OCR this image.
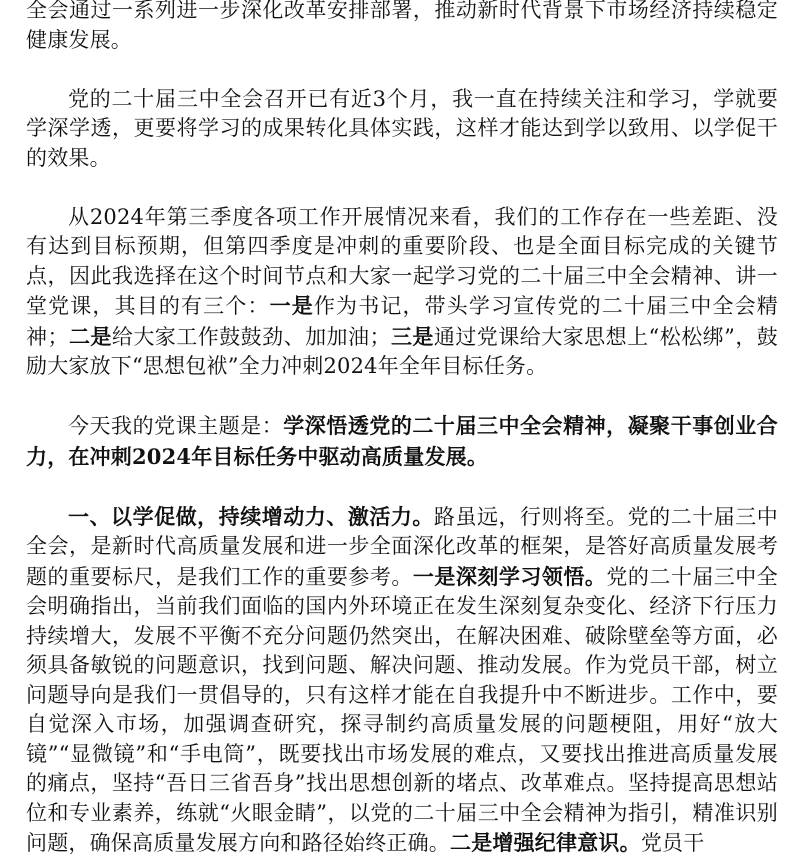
全会通过一系列进一步深化改革安排部署，推动新时代背景下市场经济持续稳定健康发展。

党的二十届三中全会召开已有近3个月，我一直在持续关注和学习，学就要学深学透，更要将学习的成果转化具体实践，这样才能达到学以致用、以学促干的效果。

从2024年第三季度各项工作开展情况来看，我们的工作存在一些差距、没有达到目标预期，但第四季度是冲刺的重要阶段、也是全面目标完成的关键节点，因此我选择在这个时间节点和大家一起学习党的二十届三中全会精神、讲一堂党课，其目的有三个：一是作为书记，带头学习宣传党的二十届三中全会精神；二是给大家工作鼓鼓劲、加加油；三是通过党课给大家思想上“松松绑”，鼓励大家放下“思想包袱”全力冲刺2024年全年目标任务。

今天我的党课主题是：学深悟透党的二十届三中全会精神，凝聚干事创业合力，在冲刺2024年目标任务中驱动高质量发展。

一、以学促做，持续增动力、激活力。路虽远，行则将至。党的二十届三中全会，是新时代高质量发展和进一步全面深化改革的框架，是答好高质量发展考题的重要标尺，是我们工作的重要参考。一是深刻学习领悟。党的二十届三中全会明确指出，当前我们面临的国内外环境正在发生深刻复杂变化、经济下行压力持续增大，发展不平衡不充分问题仍然突出，在解决困难、破除壁垒等方面，必须具备敏锐的问题意识，找到问题、解决问题、推动发展。作为党员干部，树立问题导向是我们一贯倡导的，只有这样才能在自我提升中不断进步。工作中，要自觉深入市场，加强调查研究，探寻制约高质量发展的问题梗阻，用好“放大镜”“显微镜”和“手电筒”，既要找出市场发展的难点，又要找出推进高质量发展的痛点，坚持“吾日三省吾身”找出思想创新的堵点、改革难点。坚持提高思想站位和专业素养，练就“火眼金睛”，以党的二十届三中全会精神为指引，精准识别问题，确保高质量发展方向和路径始终正确。二是增强纪律意识。党员干
